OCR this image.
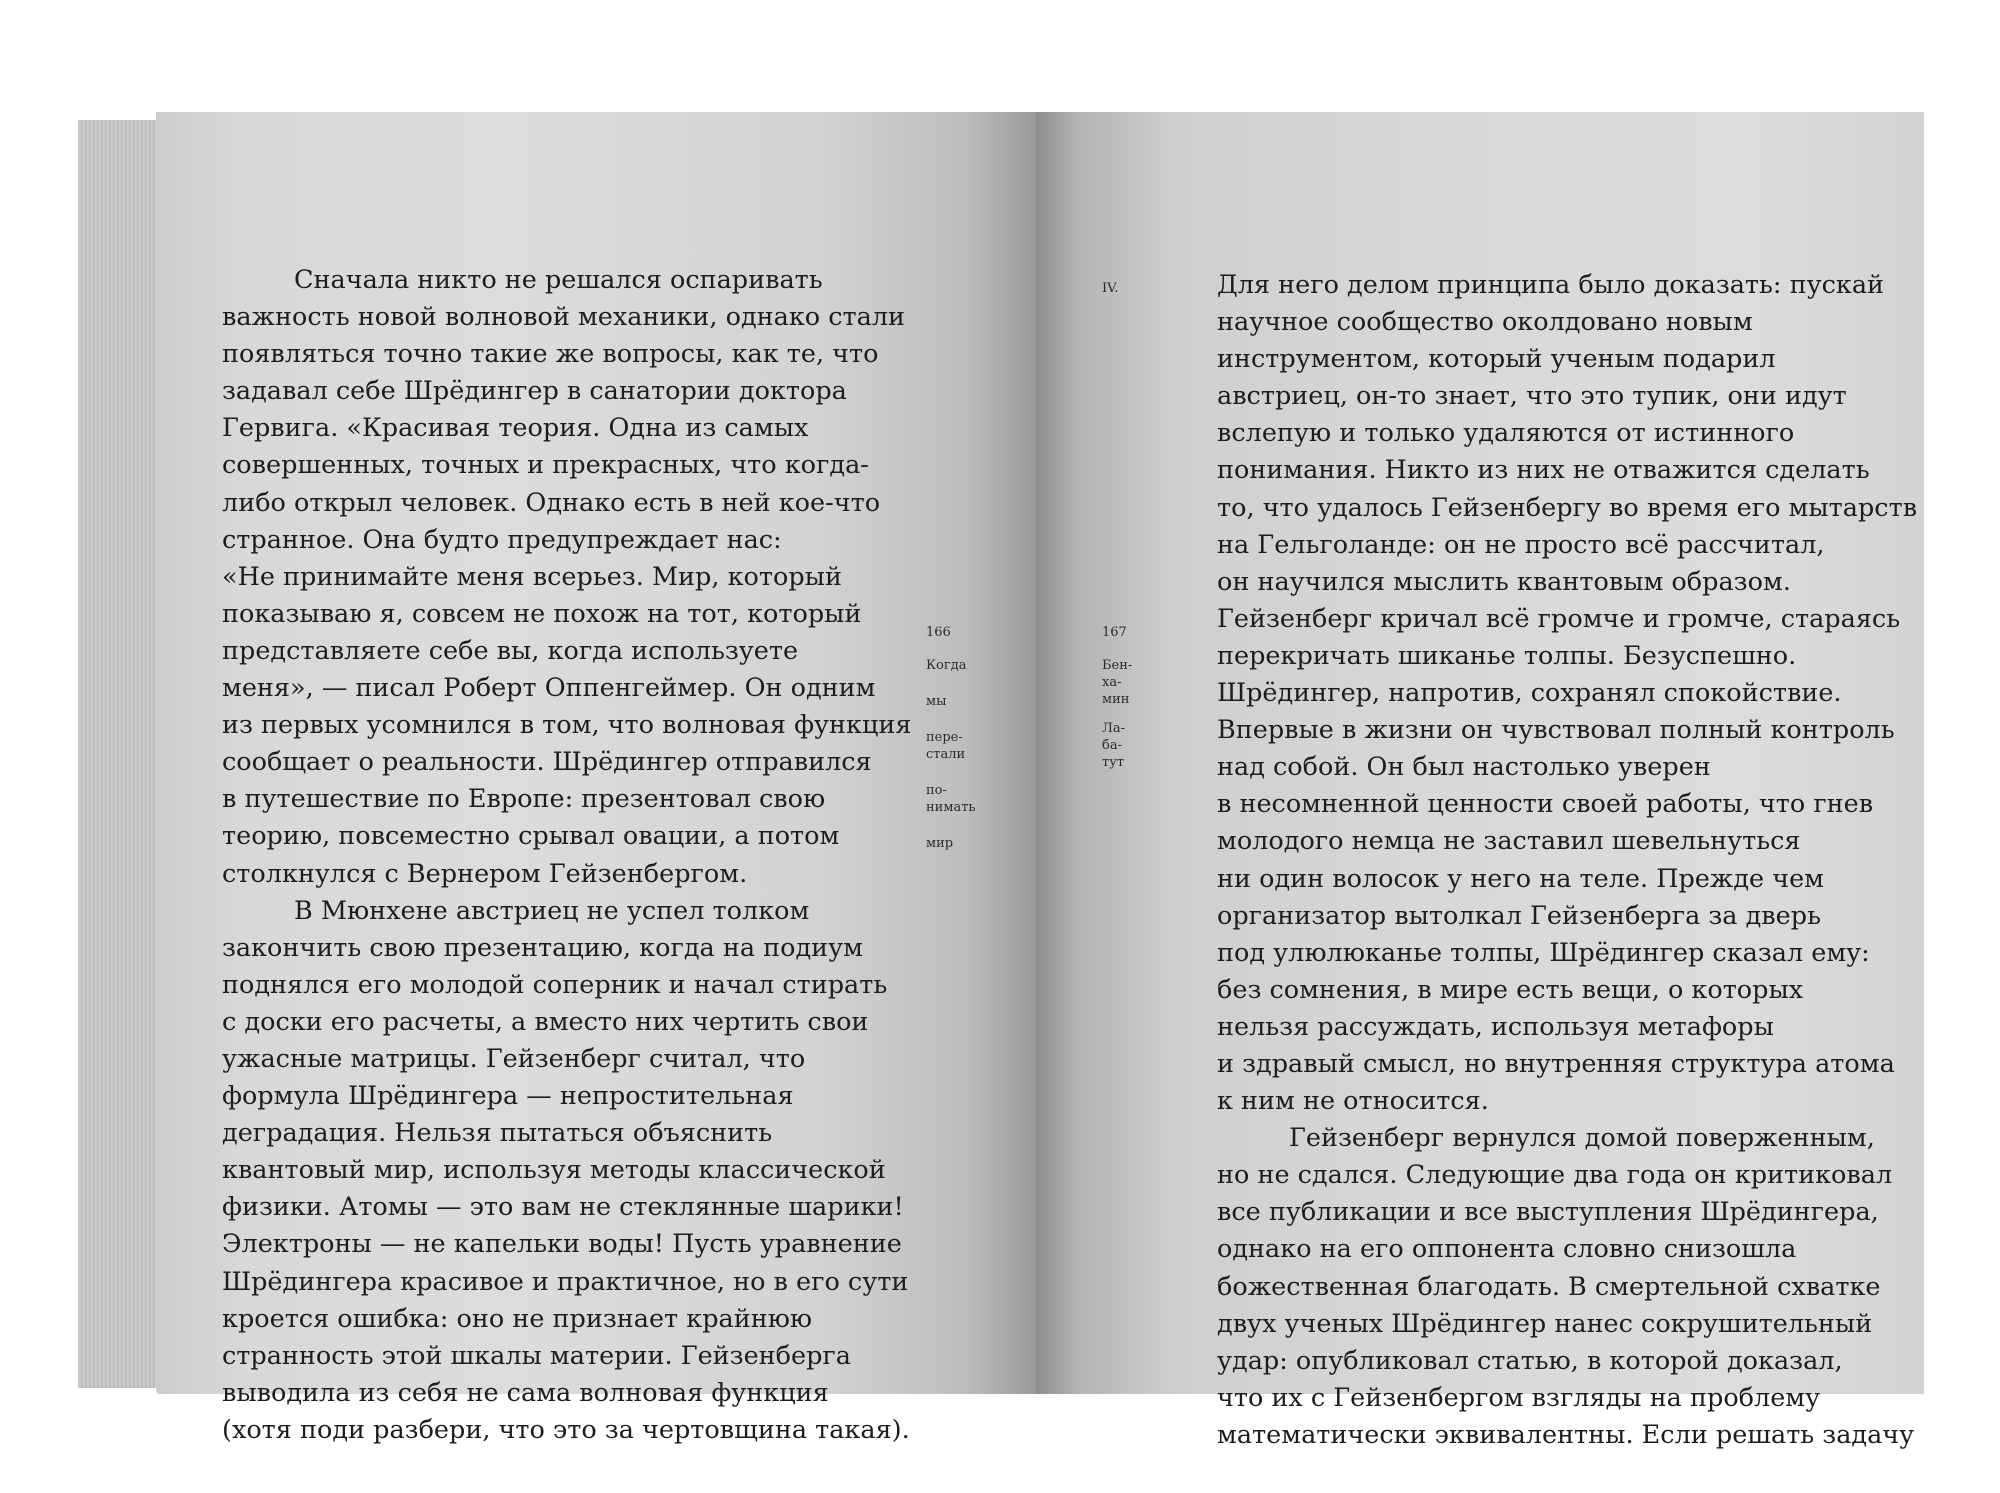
Сначала никто не решался оспаривать
важность новой волновой механики, однако стали
появляться точно такие же вопросы, как те, что
задавал себе Шрёдингер в санатории доктора
Гервига. «Красивая теория. Одна из самых
совершенных, точных и прекрасных, что когда-
либо открыл человек. Однако есть в ней кое-что
странное. Она будто предупреждает нас:
«Не принимайте меня всерьез. Мир, который
показываю я, совсем не похож на тот, который
представляете себе вы, когда используете
меня», — писал Роберт Оппенгеймер. Он одним
из первых усомнился в том, что волновая функция
сообщает о реальности. Шрёдингер отправился
в путешествие по Европе: презентовал свою
теорию, повсеместно срывал овации, а потом
столкнулся с Вернером Гейзенбергом.
В Мюнхене австриец не успел толком
закончить свою презентацию, когда на подиум
поднялся его молодой соперник и начал стирать
с доски его расчеты, а вместо них чертить свои
ужасные матрицы. Гейзенберг считал, что
формула Шрёдингера — непростительная
деградация. Нельзя пытаться объяснить
квантовый мир, используя методы классической
физики. Атомы — это вам не стеклянные шарики!
Электроны — не капельки воды! Пусть уравнение
Шрёдингера красивое и практичное, но в его сути
кроется ошибка: оно не признает крайнюю
странность этой шкалы материи. Гейзенберга
выводила из себя не сама волновая функция
(хотя поди разбери, что это за чертовщина такая).
166
Когда
мы
пере-
стали
по-
нимать
мир
IV.
167
Бен-
ха-
мин
Ла-
ба-
тут
Для него делом принципа было доказать: пускай
научное сообщество околдовано новым
инструментом, который ученым подарил
австриец, он-то знает, что это тупик, они идут
вслепую и только удаляются от истинного
понимания. Никто из них не отважится сделать
то, что удалось Гейзенбергу во время его мытарств
на Гельголанде: он не просто всё рассчитал,
он научился мыслить квантовым образом.
Гейзенберг кричал всё громче и громче, стараясь
перекричать шиканье толпы. Безуспешно.
Шрёдингер, напротив, сохранял спокойствие.
Впервые в жизни он чувствовал полный контроль
над собой. Он был настолько уверен
в несомненной ценности своей работы, что гнев
молодого немца не заставил шевельнуться
ни один волосок у него на теле. Прежде чем
организатор вытолкал Гейзенберга за дверь
под улюлюканье толпы, Шрёдингер сказал ему:
без сомнения, в мире есть вещи, о которых
нельзя рассуждать, используя метафоры
и здравый смысл, но внутренняя структура атома
к ним не относится.
Гейзенберг вернулся домой поверженным,
но не сдался. Следующие два года он критиковал
все публикации и все выступления Шрёдингера,
однако на его оппонента словно снизошла
божественная благодать. В смертельной схватке
двух ученых Шрёдингер нанес сокрушительный
удар: опубликовал статью, в которой доказал,
что их с Гейзенбергом взгляды на проблему
математически эквивалентны. Если решать задачу
